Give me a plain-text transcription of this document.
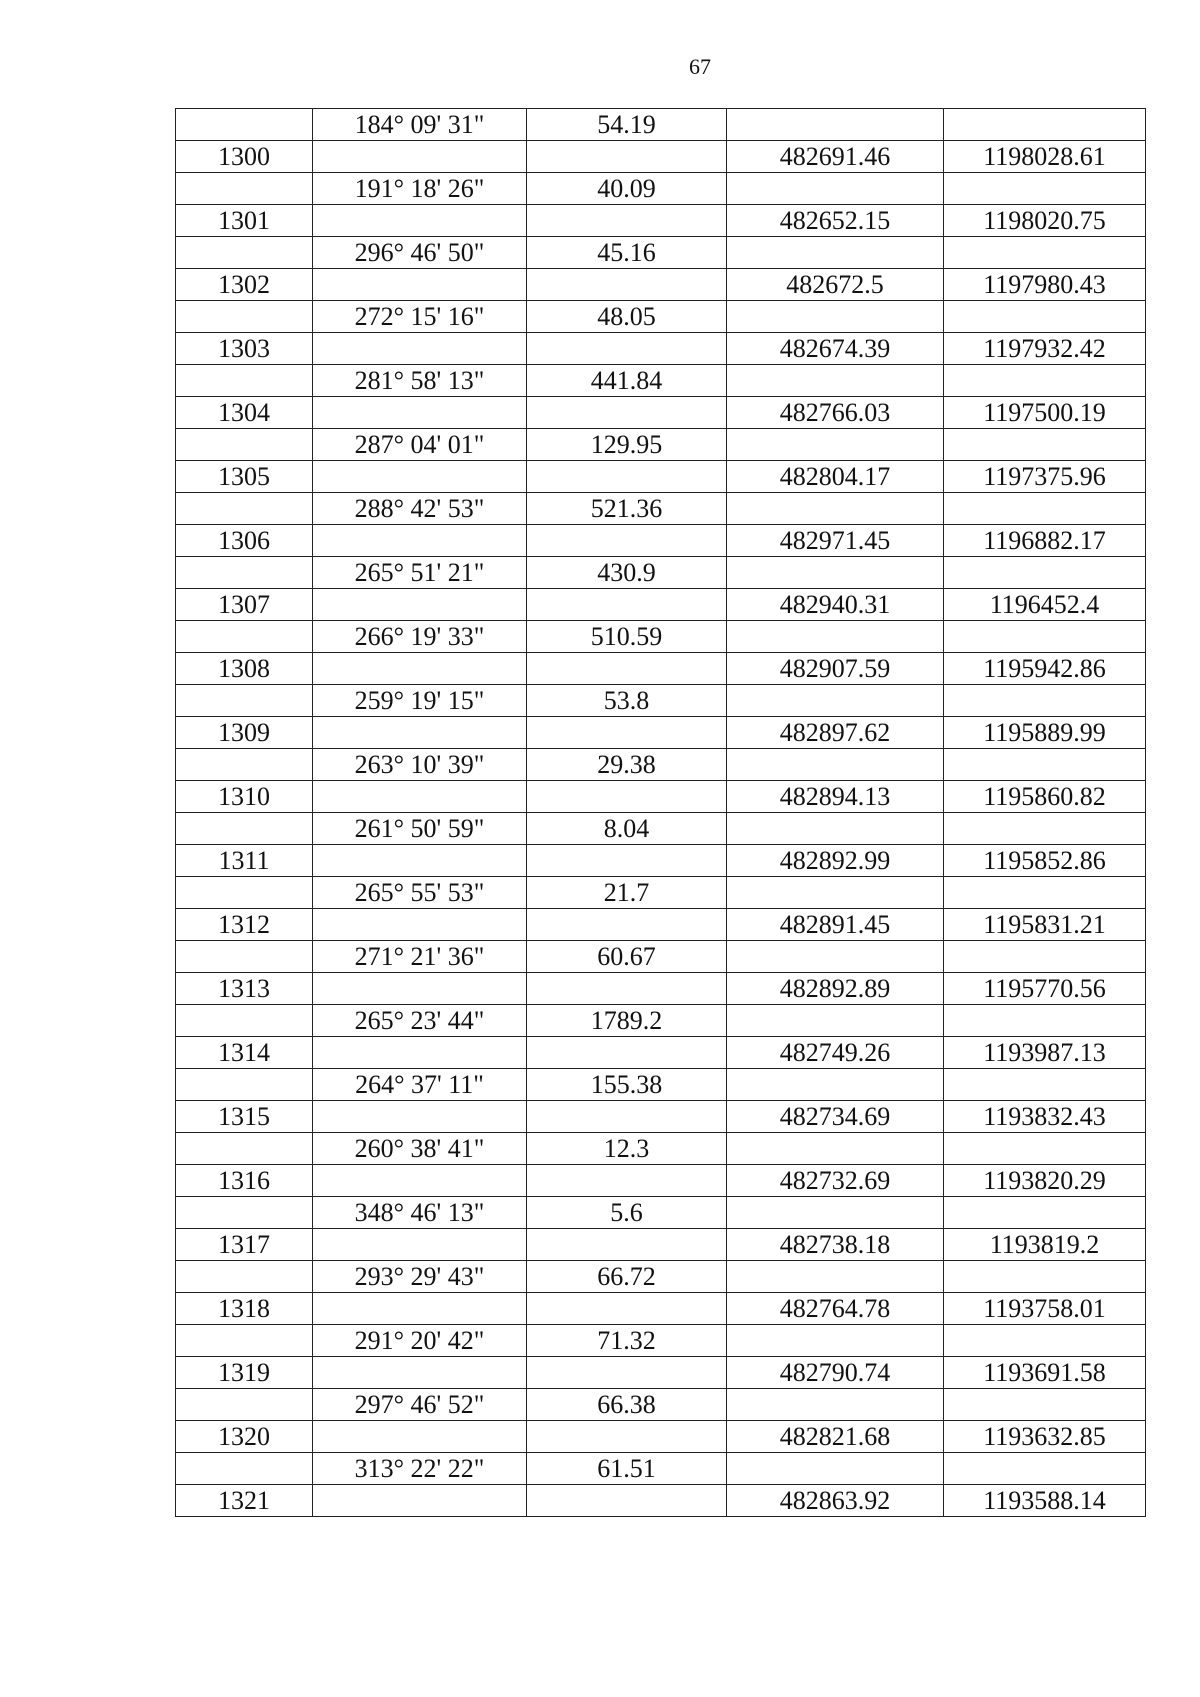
67
	184° 09' 31"	54.19		
1300			482691.46	1198028.61
	191° 18' 26"	40.09		
1301			482652.15	1198020.75
	296° 46' 50"	45.16		
1302			482672.5	1197980.43
	272° 15' 16"	48.05		
1303			482674.39	1197932.42
	281° 58' 13"	441.84		
1304			482766.03	1197500.19
	287° 04' 01"	129.95		
1305			482804.17	1197375.96
	288° 42' 53"	521.36		
1306			482971.45	1196882.17
	265° 51' 21"	430.9		
1307			482940.31	1196452.4
	266° 19' 33"	510.59		
1308			482907.59	1195942.86
	259° 19' 15"	53.8		
1309			482897.62	1195889.99
	263° 10' 39"	29.38		
1310			482894.13	1195860.82
	261° 50' 59"	8.04		
1311			482892.99	1195852.86
	265° 55' 53"	21.7		
1312			482891.45	1195831.21
	271° 21' 36"	60.67		
1313			482892.89	1195770.56
	265° 23' 44"	1789.2		
1314			482749.26	1193987.13
	264° 37' 11"	155.38		
1315			482734.69	1193832.43
	260° 38' 41"	12.3		
1316			482732.69	1193820.29
	348° 46' 13"	5.6		
1317			482738.18	1193819.2
	293° 29' 43"	66.72		
1318			482764.78	1193758.01
	291° 20' 42"	71.32		
1319			482790.74	1193691.58
	297° 46' 52"	66.38		
1320			482821.68	1193632.85
	313° 22' 22"	61.51		
1321			482863.92	1193588.14
